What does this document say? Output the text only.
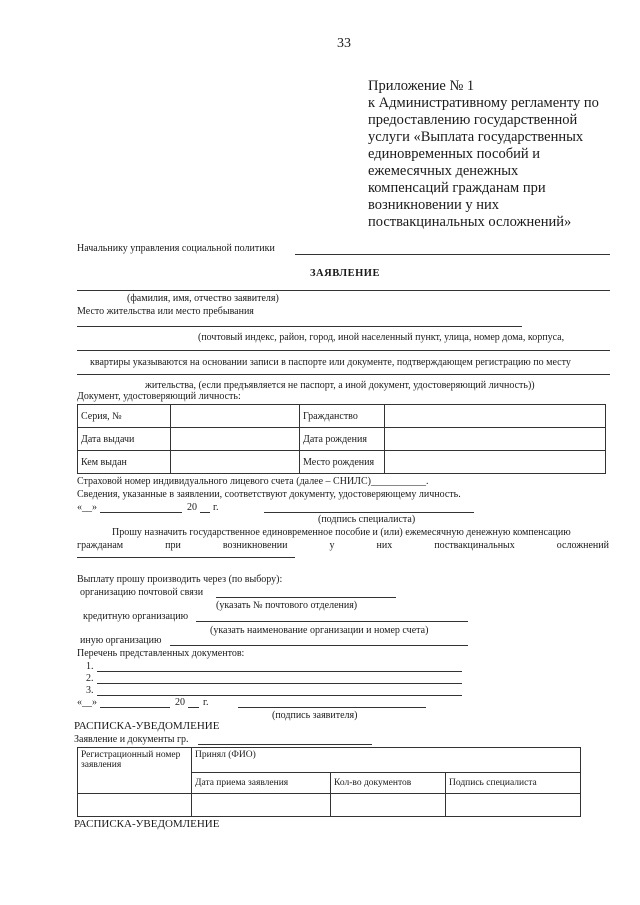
33
Приложение № 1
к Административному регламенту по
предоставлению государственной
услуги «Выплата государственных
единовременных пособий и
ежемесячных денежных
компенсаций гражданам при
возникновении у них
поствакцинальных осложнений»
Начальнику управления социальной политики
ЗАЯВЛЕНИЕ
(фамилия, имя, отчество заявителя)
Место жительства или место пребывания
(почтовый индекс, район, город, иной населенный пункт, улица, номер дома, корпуса,
квартиры указываются на основании записи в паспорте или документе, подтверждающем регистрацию по месту
жительства, (если предъявляется не паспорт, а иной документ, удостоверяющий личность))
Документ, удостоверяющий личность:
Серия, №		Гражданство	
Дата выдачи		Дата рождения	
Кем выдан		Место рождения	
Страховой номер индивидуального лицевого счета (далее – СНИЛС)___________.
Сведения, указанные в заявлении, соответствуют документу, удостоверяющему личность.
«__»	20 г.
(подпись специалиста)
Прошу назначить государственное единовременное пособие и (или) ежемесячную денежную компенсацию
гражданам	при	возникновении	у	них	поствакцинальных	осложнений
Выплату прошу производить через (по выбору):
организацию почтовой связи
(указать № почтового отделения)
кредитную организацию
(указать наименование организации и номер счета)
иную организацию
Перечень представленных документов:
1.
2.
3.
«__»	20 г.
(подпись заявителя)
РАСПИСКА-УВЕДОМЛЕНИЕ
Заявление и документы гр.
Регистрационный номер заявления	Принял (ФИО)		
	Дата приема заявления	Кол-во документов	Подпись специалиста

РАСПИСКА-УВЕДОМЛЕНИЕ
